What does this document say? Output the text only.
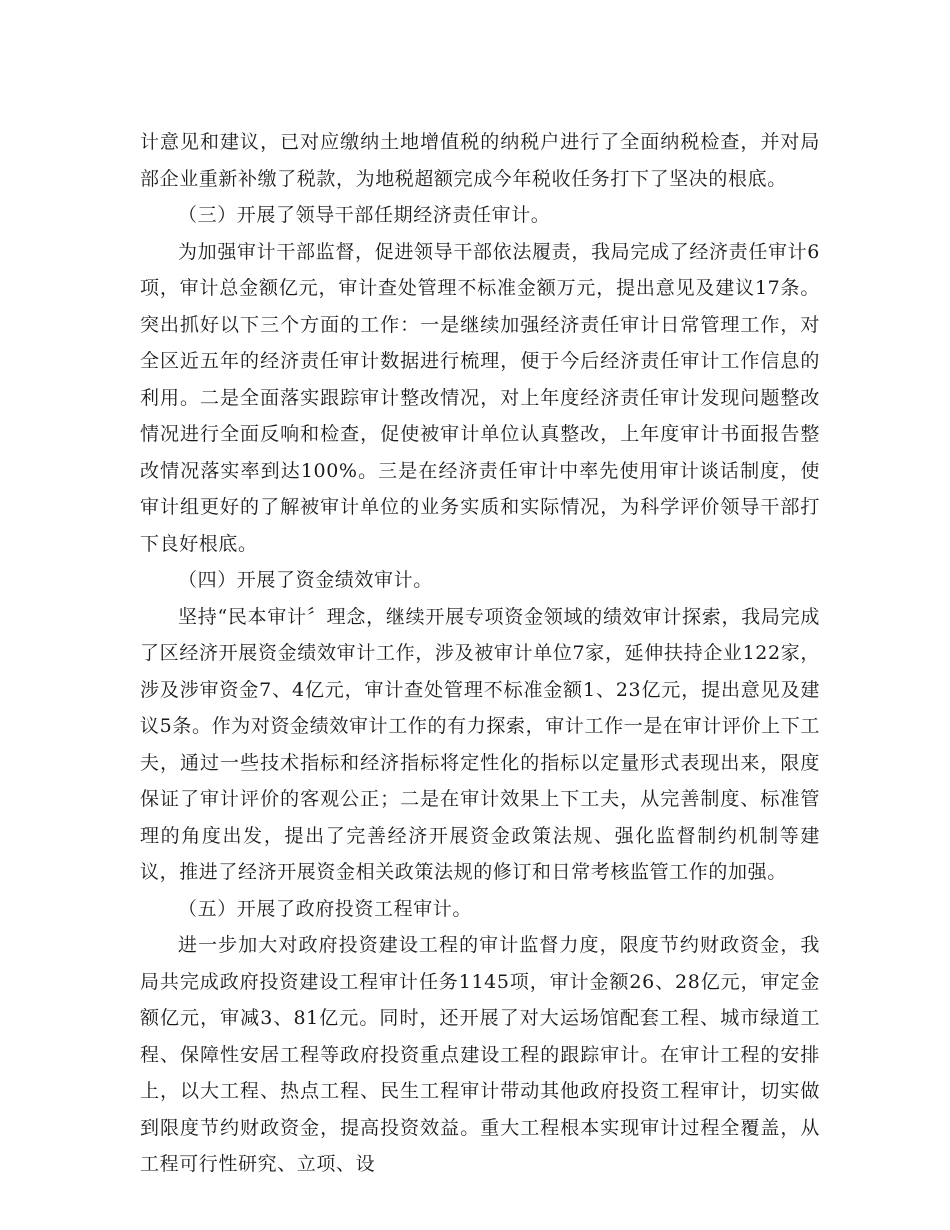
计意见和建议，已对应缴纳土地增值税的纳税户进行了全面纳税检查，并对局部企业重新补缴了税款，为地税超额完成今年税收任务打下了坚决的根底。

（三）开展了领导干部任期经济责任审计。

为加强审计干部监督，促进领导干部依法履责，我局完成了经济责任审计6项，审计总金额亿元，审计查处管理不标准金额万元，提出意见及建议17条。突出抓好以下三个方面的工作：一是继续加强经济责任审计日常管理工作，对全区近五年的经济责任审计数据进行梳理，便于今后经济责任审计工作信息的利用。二是全面落实跟踪审计整改情况，对上年度经济责任审计发现问题整改情况进行全面反响和检查，促使被审计单位认真整改，上年度审计书面报告整改情况落实率到达100%。三是在经济责任审计中率先使用审计谈话制度，使审计组更好的了解被审计单位的业务实质和实际情况，为科学评价领导干部打下良好根底。

（四）开展了资金绩效审计。

坚持“民本审计〞理念，继续开展专项资金领域的绩效审计探索，我局完成了区经济开展资金绩效审计工作，涉及被审计单位7家，延伸扶持企业122家，涉及涉审资金7、4亿元，审计查处管理不标准金额1、23亿元，提出意见及建议5条。作为对资金绩效审计工作的有力探索，审计工作一是在审计评价上下工夫，通过一些技术指标和经济指标将定性化的指标以定量形式表现出来，限度保证了审计评价的客观公正；二是在审计效果上下工夫，从完善制度、标准管理的角度出发，提出了完善经济开展资金政策法规、强化监督制约机制等建议，推进了经济开展资金相关政策法规的修订和日常考核监管工作的加强。

（五）开展了政府投资工程审计。

进一步加大对政府投资建设工程的审计监督力度，限度节约财政资金，我局共完成政府投资建设工程审计任务1145项，审计金额26、28亿元，审定金额亿元，审减3、81亿元。同时，还开展了对大运场馆配套工程、城市绿道工程、保障性安居工程等政府投资重点建设工程的跟踪审计。在审计工程的安排上，以大工程、热点工程、民生工程审计带动其他政府投资工程审计，切实做到限度节约财政资金，提高投资效益。重大工程根本实现审计过程全覆盖，从工程可行性研究、立项、设
